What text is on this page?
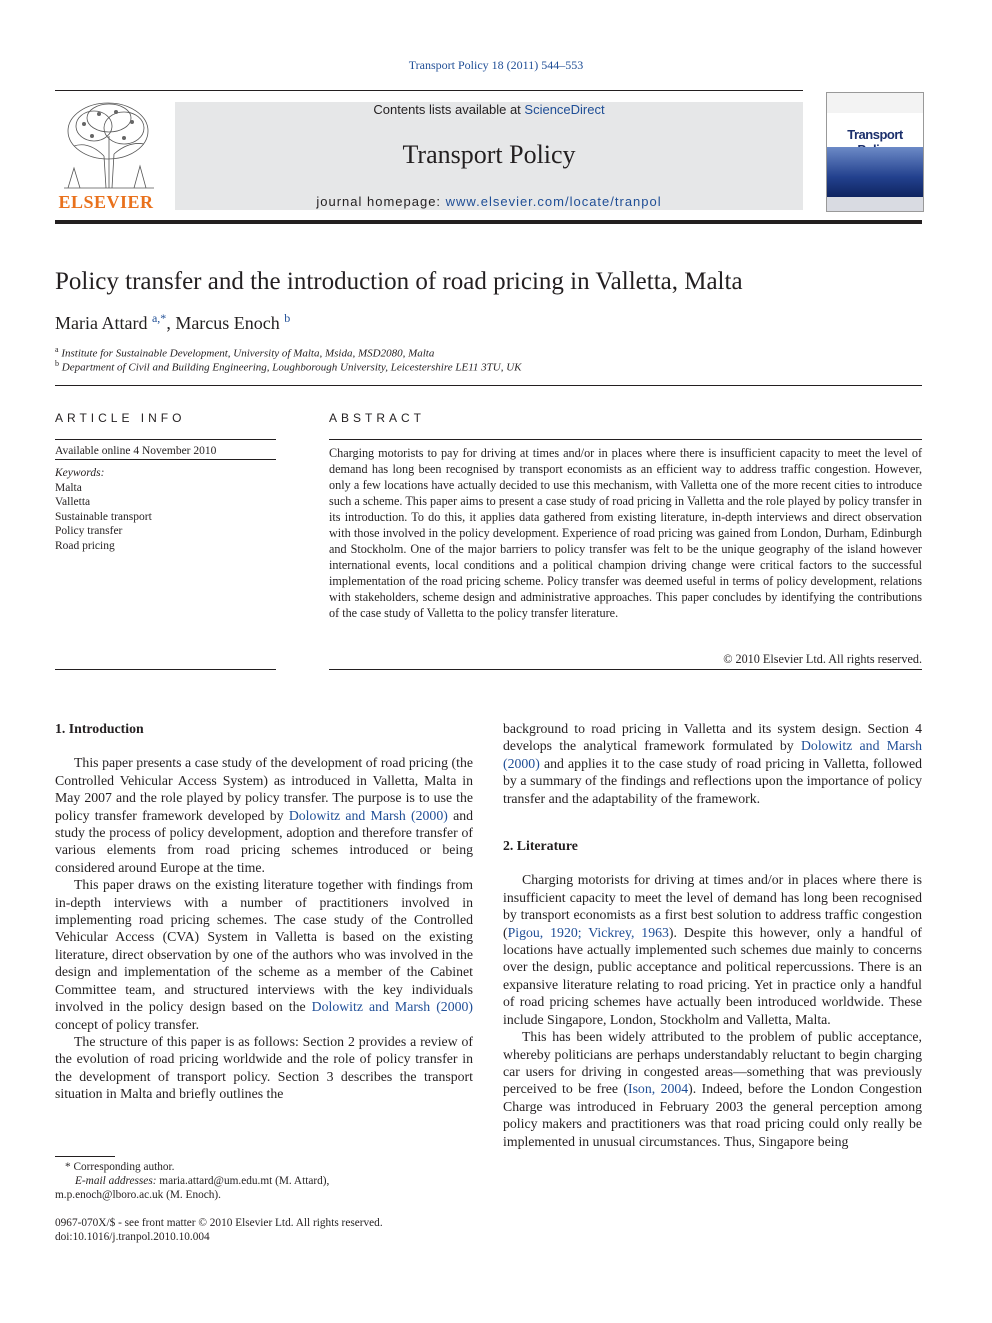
Transport Policy 18 (2011) 544–553
ELSEVIER
Contents lists available at ScienceDirect
Transport Policy
journal homepage: www.elsevier.com/locate/tranpol
Transport
Policy transfer and the introduction of road pricing in Valletta, Malta
Maria Attard $^{a,*}$, Marcus Enoch $^b$
$^a$ Institute for Sustainable Development, University of Malta, Msida, MSD2080, Malta
$^b$ Department of Civil and Building Engineering, Loughborough University, Leicestershire LE11 3TU, UK
ARTICLE INFO
Available online 4 November 2010
Keywords:
Malta
Valletta
Sustainable transport
Policy transfer
Road pricing
ABSTRACT
Charging motorists to pay for driving at times and/or in places where there is insufficient capacity to meet the level of demand has long been recognised by transport economists as an efficient way to address traffic congestion. However, only a few locations have actually decided to use this mechanism, with Valletta one of the more recent cities to introduce such a scheme. This paper aims to present a case study of road pricing in Valletta and the role played by policy transfer in its introduction. To do this, it applies data gathered from existing literature, in-depth interviews and direct observation with those involved in the policy development. Experience of road pricing was gained from London, Durham, Edinburgh and Stockholm. One of the major barriers to policy transfer was felt to be the unique geography of the island however international events, local conditions and a political champion driving change were critical factors to the successful implementation of the road pricing scheme. Policy transfer was deemed useful in terms of policy development, relations with stakeholders, scheme design and administrative approaches. This paper concludes by identifying the contributions of the case study of Valletta to the policy transfer literature.
© 2010 Elsevier Ltd. All rights reserved.
1. Introduction

This paper presents a case study of the development of road pricing (the Controlled Vehicular Access System) as introduced in Valletta, Malta in May 2007 and the role played by policy transfer. The purpose is to use the policy transfer framework developed by Dolowitz and Marsh (2000) and study the process of policy development, adoption and therefore transfer of various elements from road pricing schemes introduced or being considered around Europe at the time.

This paper draws on the existing literature together with findings from in-depth interviews with a number of practitioners involved in implementing road pricing schemes. The case study of the Controlled Vehicular Access (CVA) System in Valletta is based on the existing literature, direct observation by one of the authors who was involved in the design and implementation of the scheme as a member of the Cabinet Committee team, and structured interviews with the key individuals involved in the policy design based on the Dolowitz and Marsh (2000) concept of policy transfer.

The structure of this paper is as follows: Section 2 provides a review of the evolution of road pricing worldwide and the role of policy transfer in the development of transport policy. Section 3 describes the transport situation in Malta and briefly outlines the

* Corresponding author.
E-mail addresses: maria.attard@um.edu.mt (M. Attard),
m.p.enoch@lboro.ac.uk (M. Enoch).
0967-070X/$ - see front matter © 2010 Elsevier Ltd. All rights reserved.
doi:10.1016/j.tranpol.2010.10.004
background to road pricing in Valletta and its system design. Section 4 develops the analytical framework formulated by Dolowitz and Marsh (2000) and applies it to the case study of road pricing in Valletta, followed by a summary of the findings and reflections upon the importance of policy transfer and the adaptability of the framework.
2. Literature

Charging motorists for driving at times and/or in places where there is insufficient capacity to meet the level of demand has long been recognised by transport economists as a first best solution to address traffic congestion (Pigou, 1920; Vickrey, 1963). Despite this however, only a handful of locations have actually implemented such schemes due mainly to concerns over the design, public acceptance and political repercussions. There is an expansive literature relating to road pricing. Yet in practice only a handful of road pricing schemes have actually been introduced worldwide. These include Singapore, London, Stockholm and Valletta, Malta.

This has been widely attributed to the problem of public acceptance, whereby politicians are perhaps understandably reluctant to begin charging car users for driving in congested areas—something that was previously perceived to be free (Ison, 2004). Indeed, before the London Congestion Charge was introduced in February 2003 the general perception among policy makers and practitioners was that road pricing could only really be implemented in unusual circumstances. Thus, Singapore being
